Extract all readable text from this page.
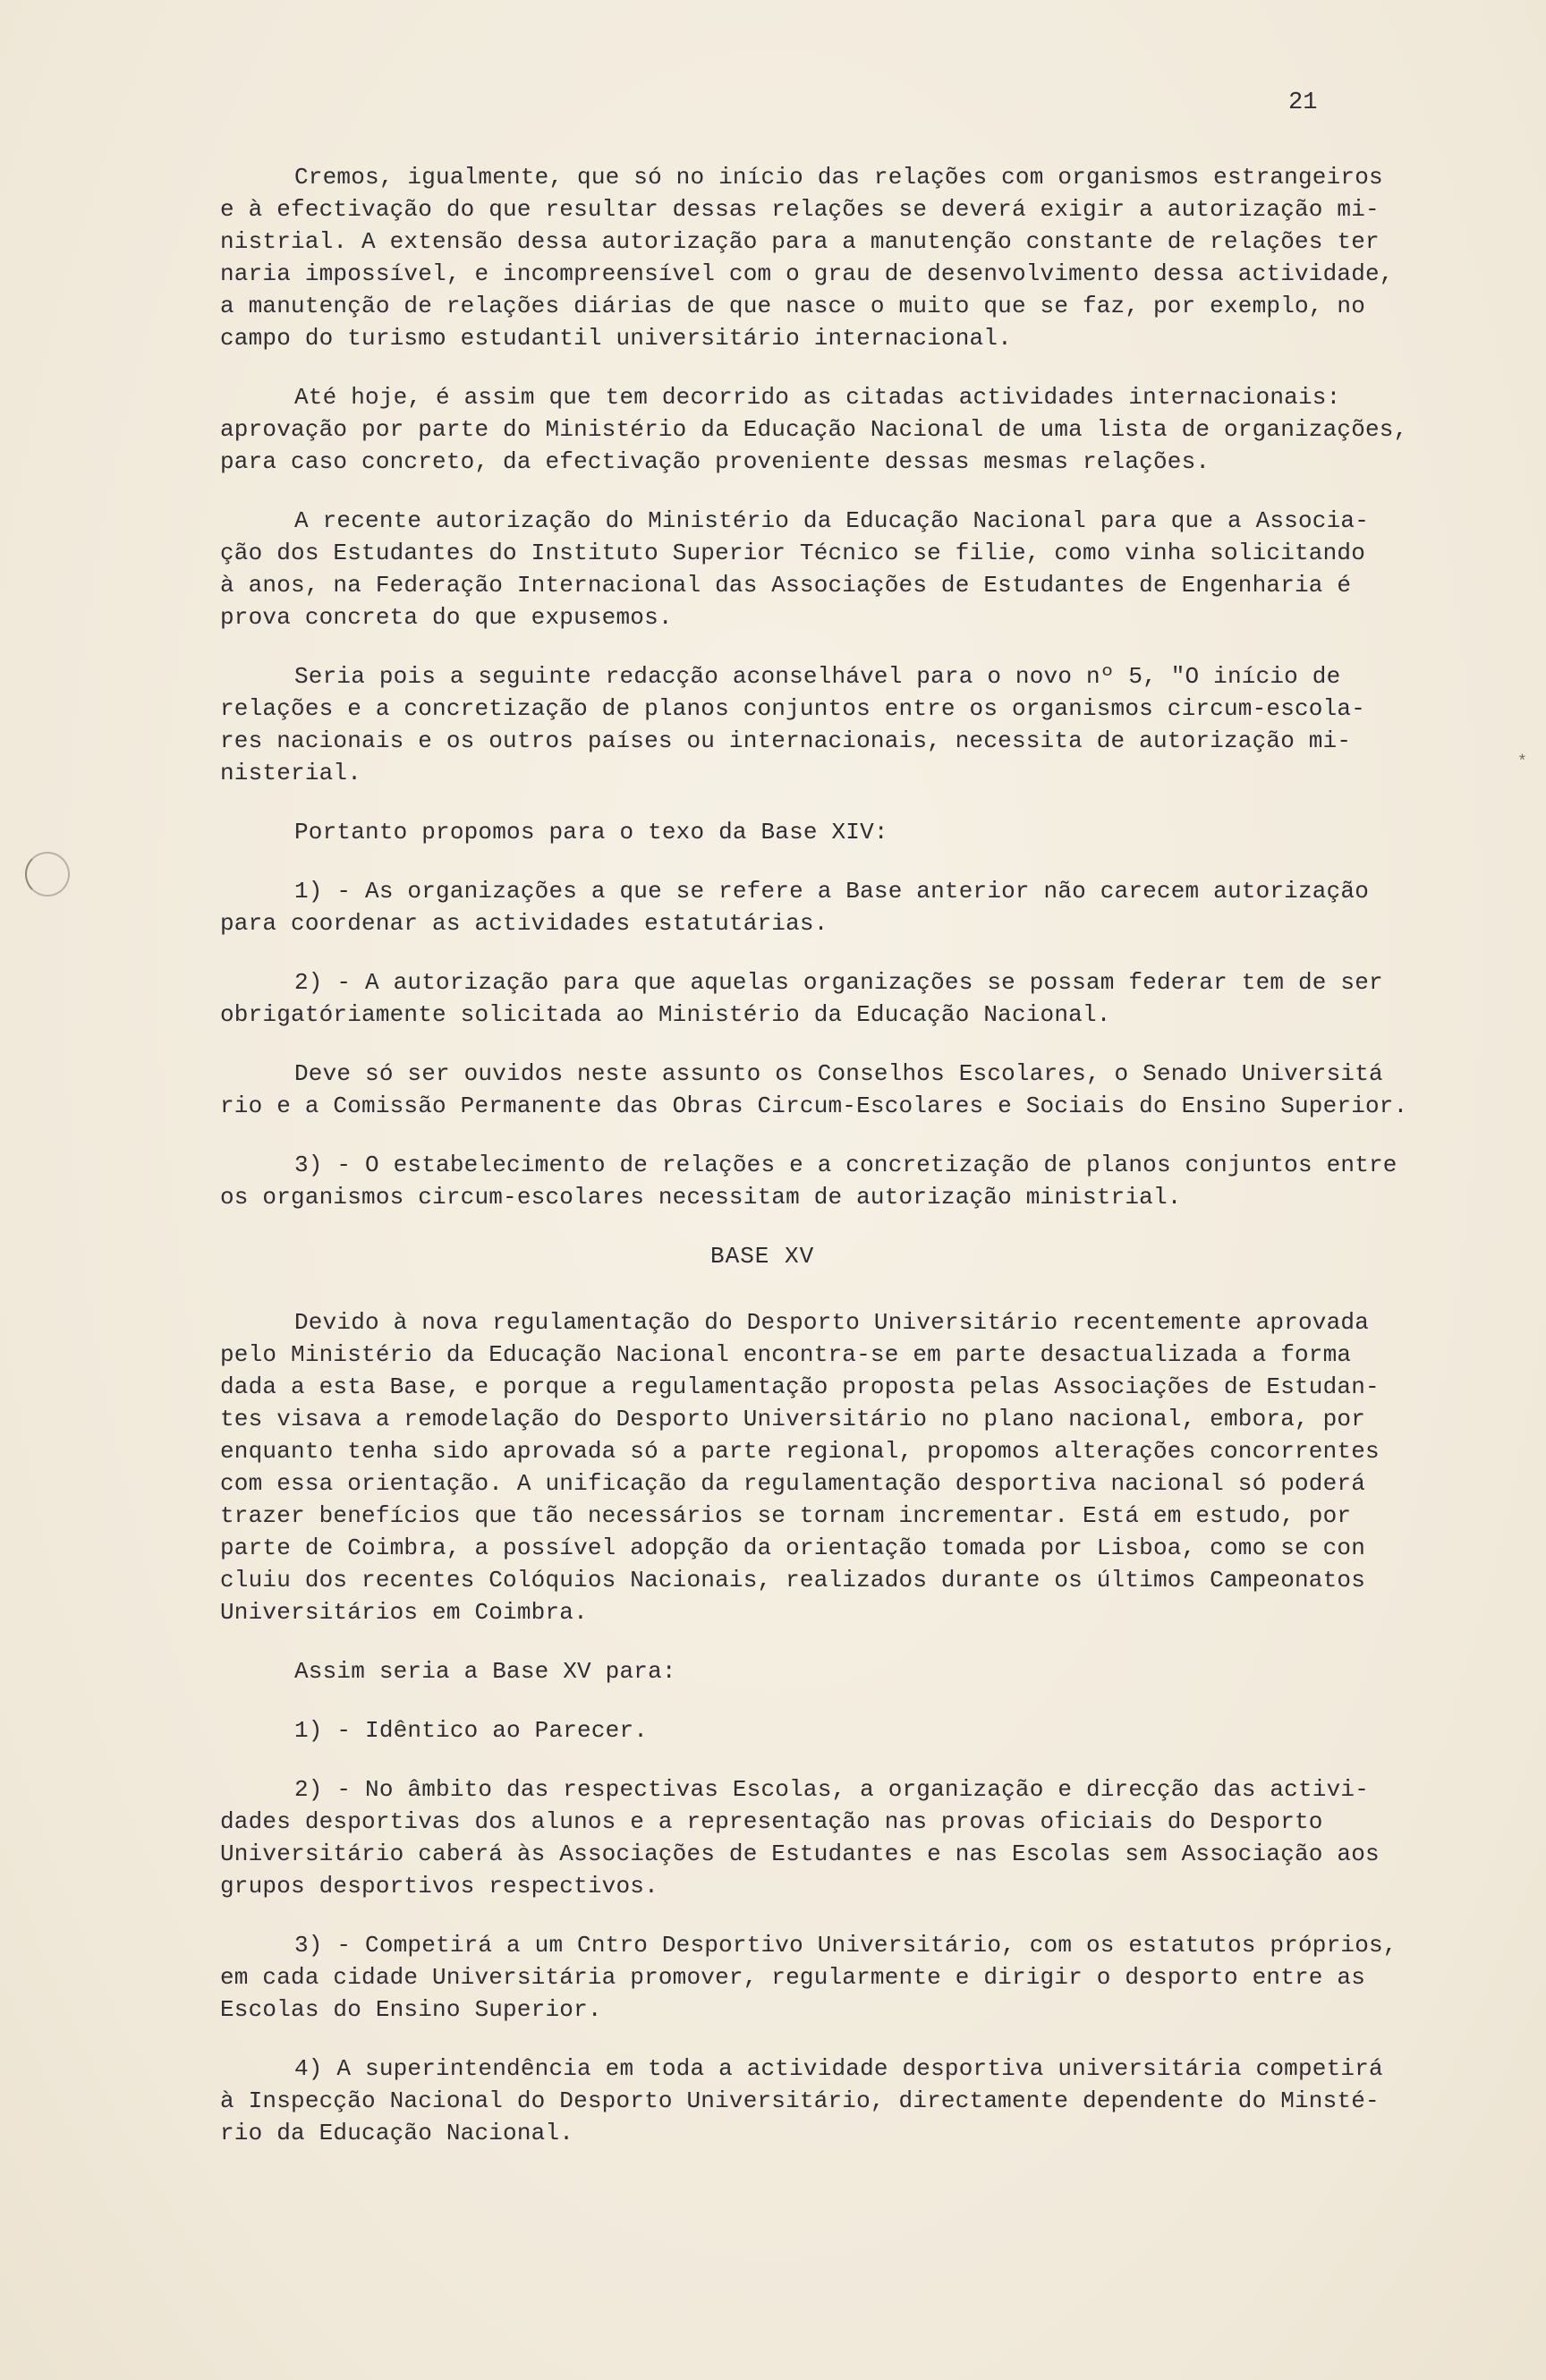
*
21

Cremos, igualmente, que só no início das relações com organismos estrangeiros
e à efectivação do que resultar dessas relações se deverá exigir a autorização mi-
nistrial. A extensão dessa autorização para a manutenção constante de relações ter
naria impossível, e incompreensível com o grau de desenvolvimento dessa actividade,
a manutenção de relações diárias de que nasce o muito que se faz, por exemplo, no
campo do turismo estudantil universitário internacional.

Até hoje, é assim que tem decorrido as citadas actividades internacionais:
aprovação por parte do Ministério da Educação Nacional de uma lista de organizações,
para caso concreto, da efectivação proveniente dessas mesmas relações.

A recente autorização do Ministério da Educação Nacional para que a Associa-
ção dos Estudantes do Instituto Superior Técnico se filie, como vinha solicitando
à anos, na Federação Internacional das Associações de Estudantes de Engenharia é
prova concreta do que expusemos.

Seria pois a seguinte redacção aconselhável para o novo nº 5, "O início de
relações e a concretização de planos conjuntos entre os organismos circum-escola-
res nacionais e os outros países ou internacionais, necessita de autorização mi-
nisterial.

Portanto propomos para o texo da Base XIV:

1) - As organizações a que se refere a Base anterior não carecem autorização
para coordenar as actividades estatutárias.

2) - A autorização para que aquelas organizações se possam federar tem de ser
obrigatóriamente solicitada ao Ministério da Educação Nacional.

Deve só ser ouvidos neste assunto os Conselhos Escolares, o Senado Universitá
rio e a Comissão Permanente das Obras Circum-Escolares e Sociais do Ensino Superior.

3) - O estabelecimento de relações e a concretização de planos conjuntos entre
os organismos circum-escolares necessitam de autorização ministrial.

BASE XV

Devido à nova regulamentação do Desporto Universitário recentemente aprovada
pelo Ministério da Educação Nacional encontra-se em parte desactualizada a forma
dada a esta Base, e porque a regulamentação proposta pelas Associações de Estudan-
tes visava a remodelação do Desporto Universitário no plano nacional, embora, por
enquanto tenha sido aprovada só a parte regional, propomos alterações concorrentes
com essa orientação. A unificação da regulamentação desportiva nacional só poderá
trazer benefícios que tão necessários se tornam incrementar. Está em estudo, por
parte de Coimbra, a possível adopção da orientação tomada por Lisboa, como se con
cluiu dos recentes Colóquios Nacionais, realizados durante os últimos Campeonatos
Universitários em Coimbra.

Assim seria a Base XV para:

1) - Idêntico ao Parecer.

2) - No âmbito das respectivas Escolas, a organização e direcção das activi-
dades desportivas dos alunos e a representação nas provas oficiais do Desporto
Universitário caberá às Associações de Estudantes e nas Escolas sem Associação aos
grupos desportivos respectivos.

3) - Competirá a um Cntro Desportivo Universitário, com os estatutos próprios,
em cada cidade Universitária promover, regularmente e dirigir o desporto entre as
Escolas do Ensino Superior.

4) A superintendência em toda a actividade desportiva universitária competirá
à Inspecção Nacional do Desporto Universitário, directamente dependente do Minsté-
rio da Educação Nacional.
